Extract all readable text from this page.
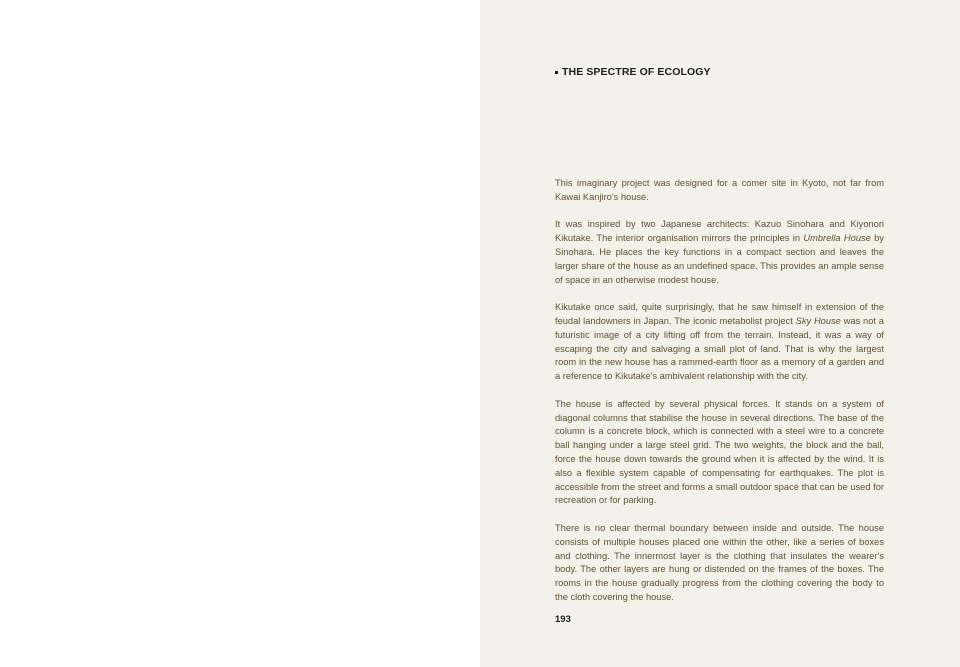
THE SPECTRE OF ECOLOGY

This imaginary project was designed for a comer site in Kyoto, not far from Kawai Kanjiro's house.

It was inspired by two Japanese architects: Kazuo Sinohara and Kiyonori Kikutake. The interior organisation mirrors the principles in Umbrella House by Sinohara. He places the key functions in a compact section and leaves the larger share of the house as an undefined space. This provides an ample sense of space in an otherwise modest house.

Kikutake once said, quite surprisingly, that he saw himself in extension of the feudal landowners in Japan. The iconic metabolist project Sky House was not a futuristic image of a city lifting off from the terrain. Instead, it was a way of escaping the city and salvaging a small plot of land. That is why the largest room in the new house has a rammed-earth floor as a memory of a garden and a reference to Kikutake's ambivalent relationship with the city.

The house is affected by several physical forces. It stands on a system of diagonal columns that stabilise the house in several directions. The base of the column is a concrete block, which is connected with a steel wire to a concrete ball hanging under a large steel grid. The two weights, the block and the ball, force the house down towards the ground when it is affected by the wind. It is also a flexible system capable of compensating for earthquakes. The plot is accessible from the street and forms a small outdoor space that can be used for recreation or for parking.

There is no clear thermal boundary between inside and outside. The house consists of multiple houses placed one within the other, like a series of boxes and clothing. The innermost layer is the clothing that insulates the wearer's body. The other layers are hung or distended on the frames of the boxes. The rooms in the house gradually progress from the clothing covering the body to the cloth covering the house.

193
